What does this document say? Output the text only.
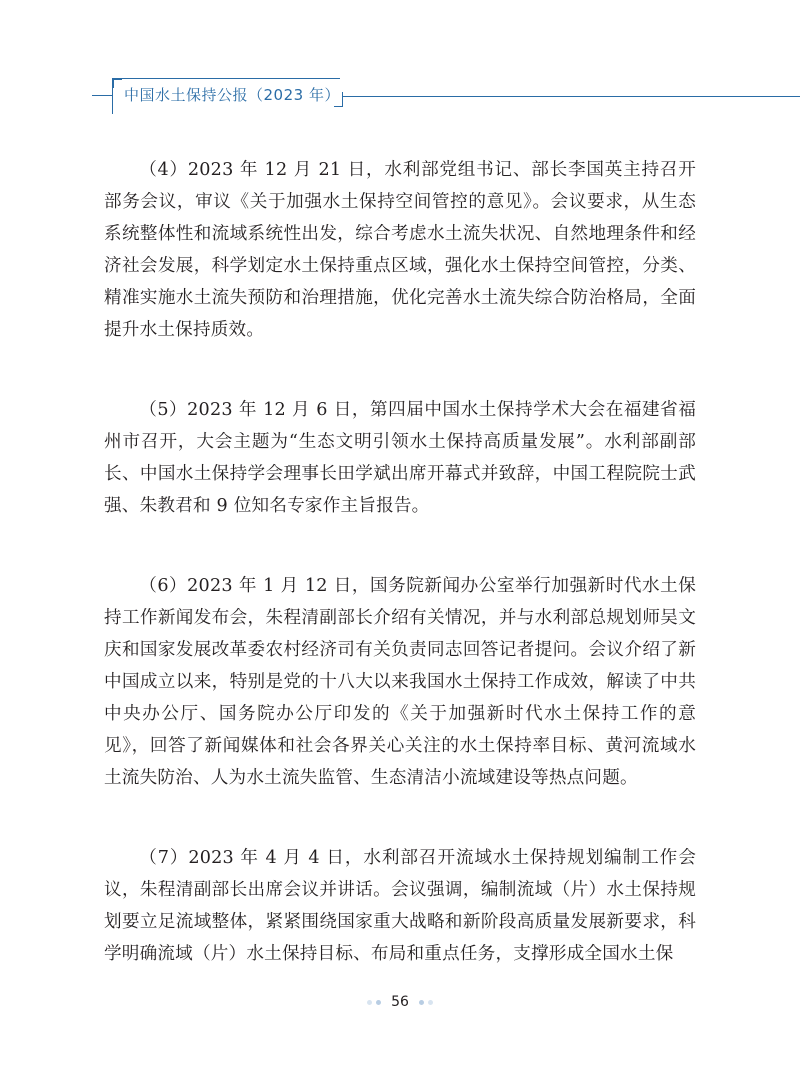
中国水土保持公报（2023 年）

（4）2023 年 12 月 21 日，水利部党组书记、部长李国英主持召开部务会议，审议《关于加强水土保持空间管控的意见》。会议要求，从生态系统整体性和流域系统性出发，综合考虑水土流失状况、自然地理条件和经济社会发展，科学划定水土保持重点区域，强化水土保持空间管控，分类、精准实施水土流失预防和治理措施，优化完善水土流失综合防治格局，全面提升水土保持质效。

（5）2023 年 12 月 6 日，第四届中国水土保持学术大会在福建省福州市召开，大会主题为“生态文明引领水土保持高质量发展”。水利部副部长、中国水土保持学会理事长田学斌出席开幕式并致辞，中国工程院院士武强、朱教君和 9 位知名专家作主旨报告。

（6）2023 年 1 月 12 日，国务院新闻办公室举行加强新时代水土保持工作新闻发布会，朱程清副部长介绍有关情况，并与水利部总规划师吴文庆和国家发展改革委农村经济司有关负责同志回答记者提问。会议介绍了新中国成立以来，特别是党的十八大以来我国水土保持工作成效，解读了中共中央办公厅、国务院办公厅印发的《关于加强新时代水土保持工作的意见》，回答了新闻媒体和社会各界关心关注的水土保持率目标、黄河流域水土流失防治、人为水土流失监管、生态清洁小流域建设等热点问题。

（7）2023 年 4 月 4 日，水利部召开流域水土保持规划编制工作会议，朱程清副部长出席会议并讲话。会议强调，编制流域（片）水土保持规划要立足流域整体，紧紧围绕国家重大战略和新阶段高质量发展新要求，科学明确流域（片）水土保持目标、布局和重点任务，支撑形成全国水土保

56
